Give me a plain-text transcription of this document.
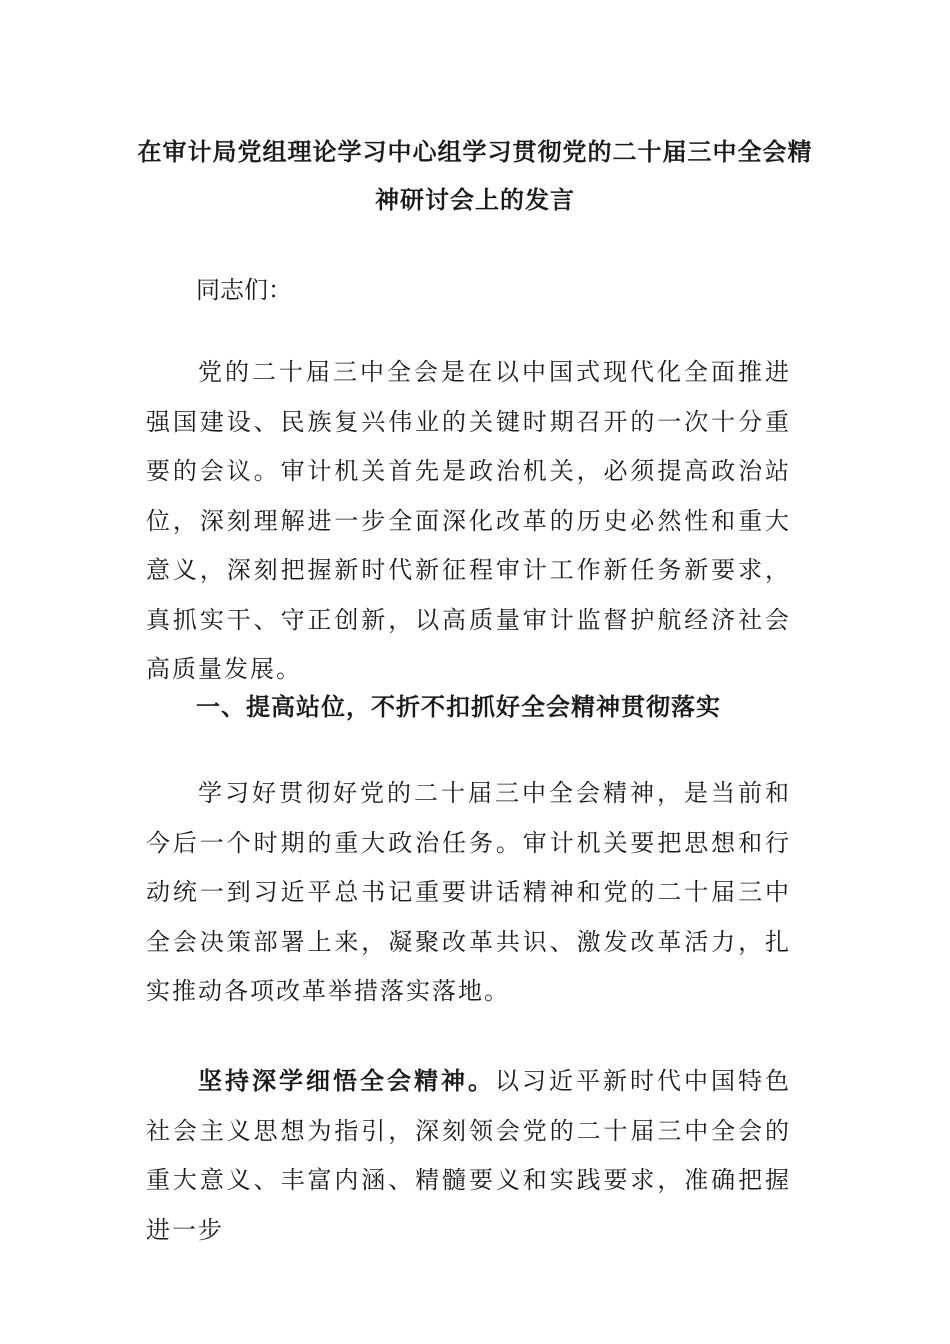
在审计局党组理论学习中心组学习贯彻党的二十届三中全会精神研讨会上的发言
同志们：

党的二十届三中全会是在以中国式现代化全面推进强国建设、民族复兴伟业的关键时期召开的一次十分重要的会议。审计机关首先是政治机关，必须提高政治站位，深刻理解进一步全面深化改革的历史必然性和重大意义，深刻把握新时代新征程审计工作新任务新要求，真抓实干、守正创新，以高质量审计监督护航经济社会高质量发展。

一、提高站位，不折不扣抓好全会精神贯彻落实

学习好贯彻好党的二十届三中全会精神，是当前和今后一个时期的重大政治任务。审计机关要把思想和行动统一到习近平总书记重要讲话精神和党的二十届三中全会决策部署上来，凝聚改革共识、激发改革活力，扎实推动各项改革举措落实落地。

坚持深学细悟全会精神。以习近平新时代中国特色社会主义思想为指引，深刻领会党的二十届三中全会的重大意义、丰富内涵、精髓要义和实践要求，准确把握进一步
